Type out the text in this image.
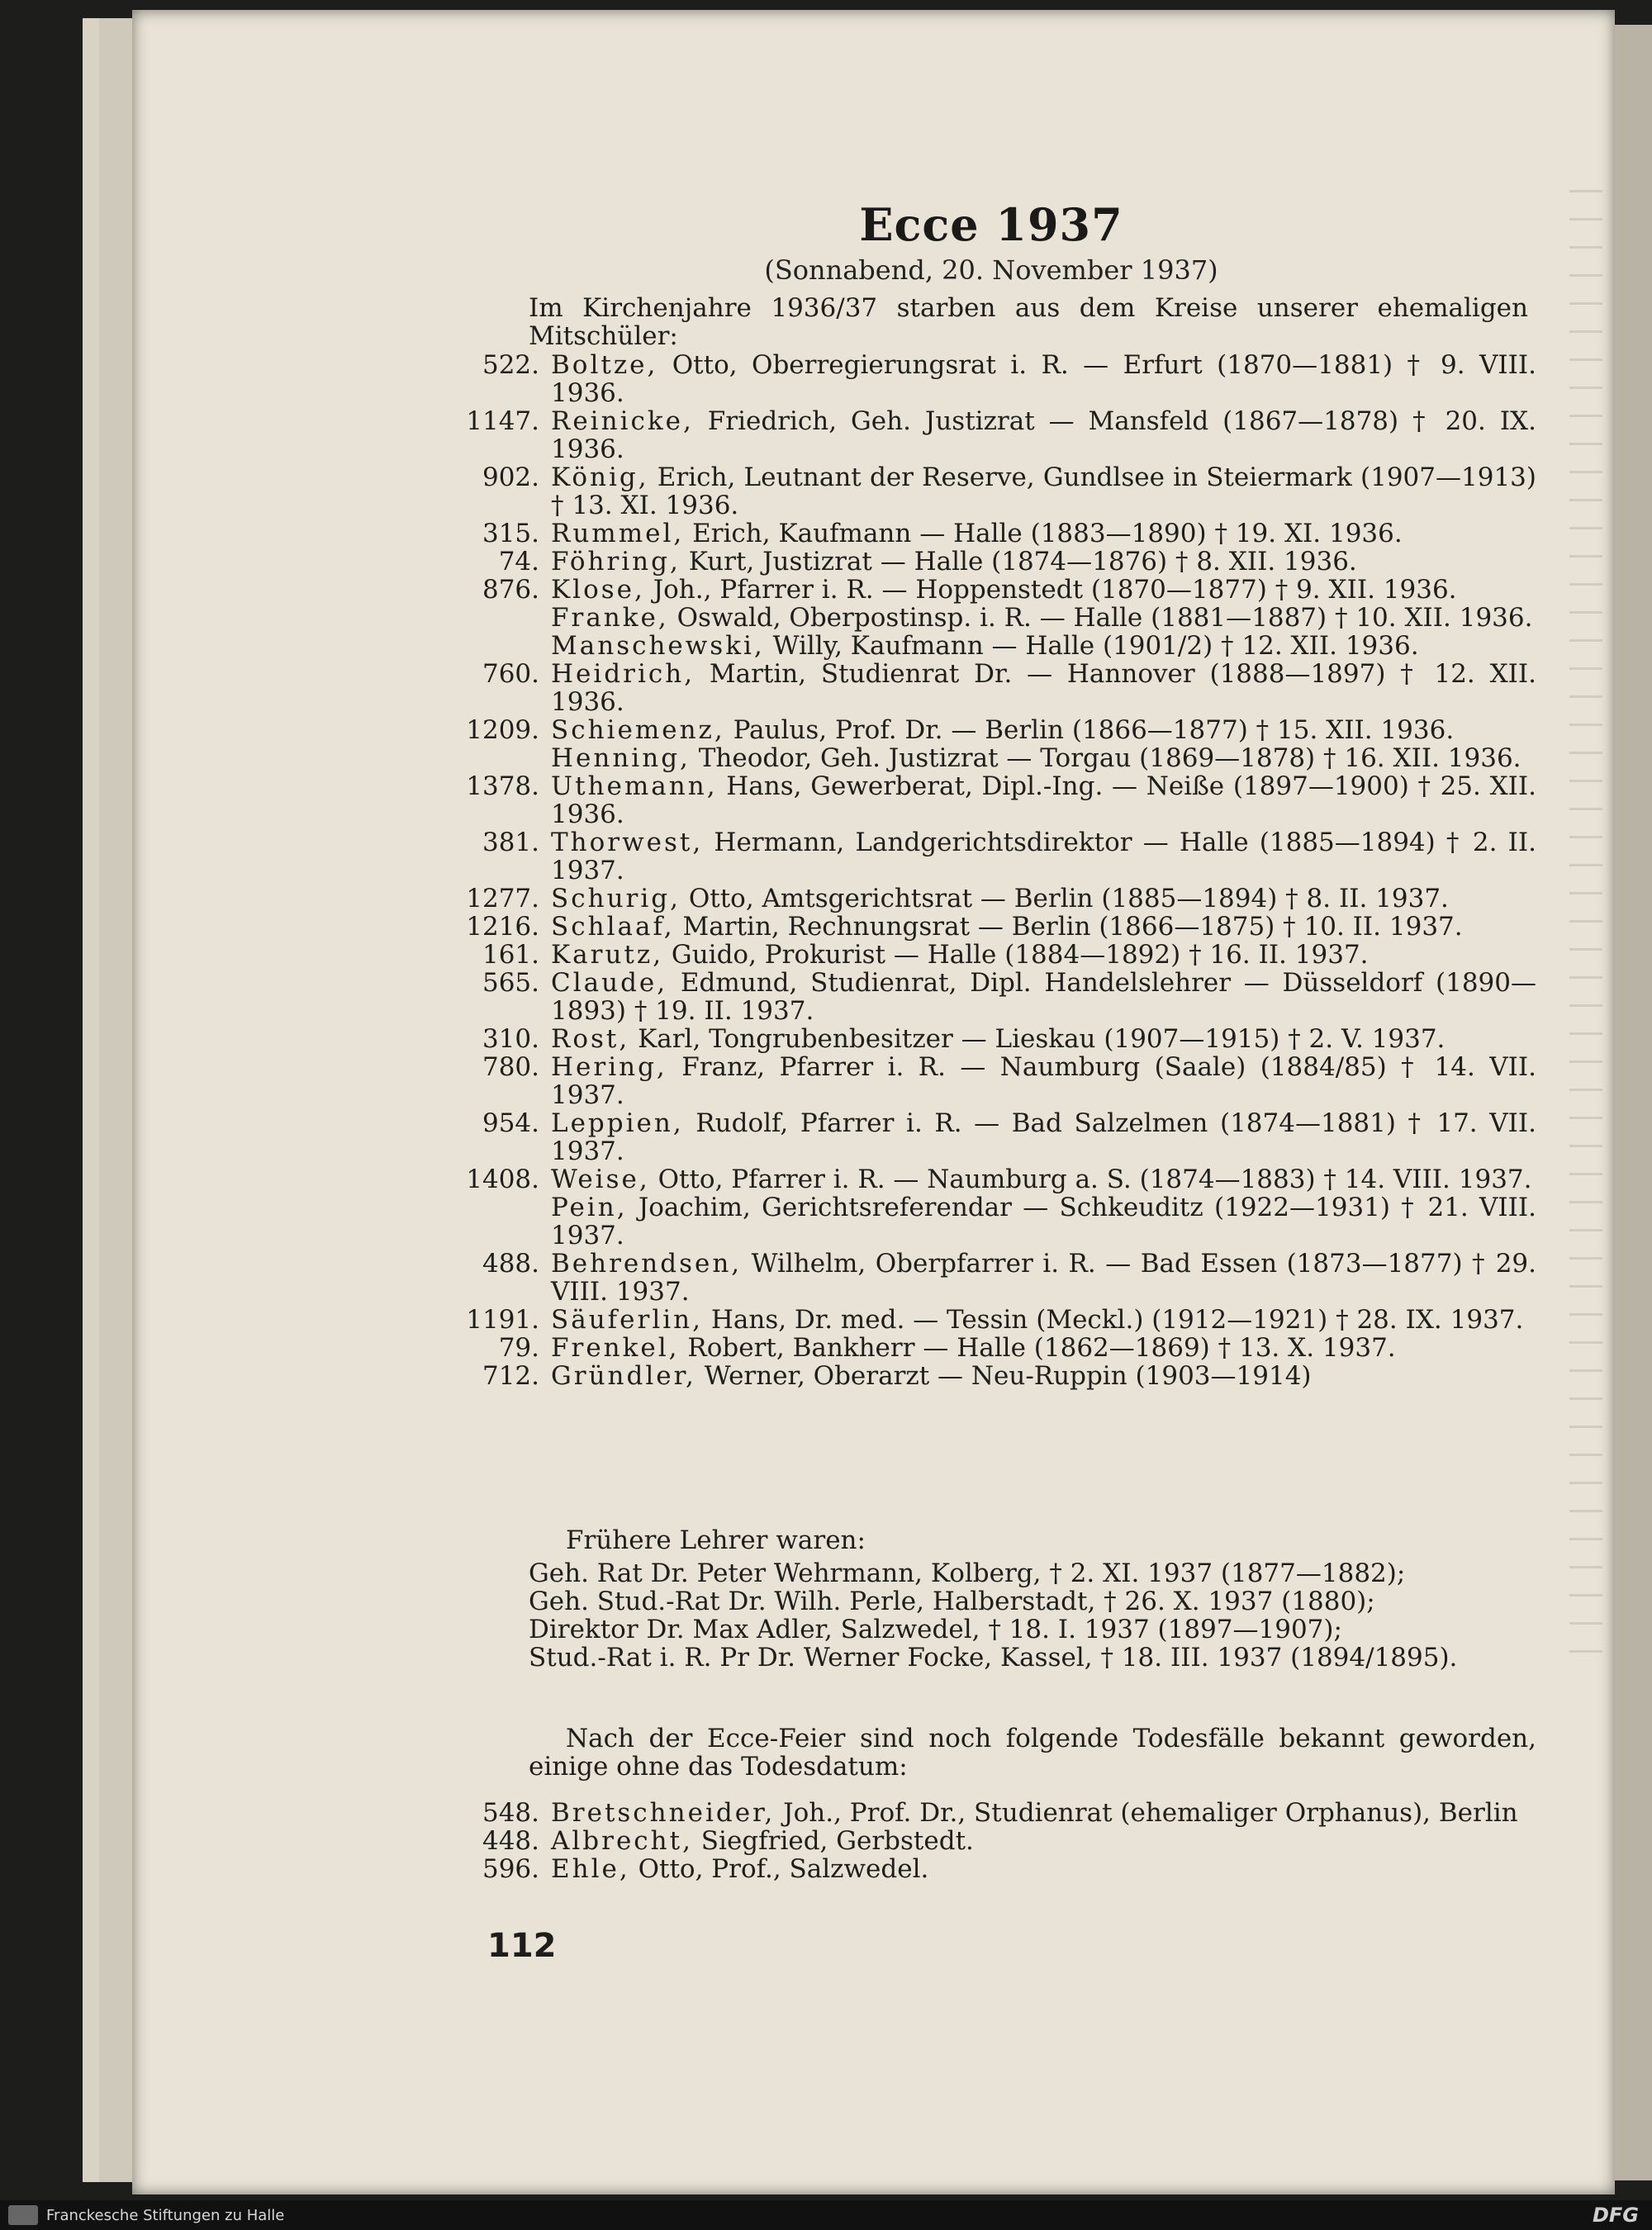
Ecce 1937
(Sonnabend, 20. November 1937)
Im Kirchenjahre 1936/37 starben aus dem Kreise unserer ehemaligen Mitschüler:
522. Boltze, Otto, Oberregierungsrat i. R. — Erfurt (1870—1881) † 9. VIII. 1936.
1147. Reinicke, Friedrich, Geh. Justizrat — Mansfeld (1867—1878) † 20. IX. 1936.
902. König, Erich, Leutnant der Reserve, Gundlsee in Steiermark (1907—1913) † 13. XI. 1936.
315. Rummel, Erich, Kaufmann — Halle (1883—1890) † 19. XI. 1936.
74. Föhring, Kurt, Justizrat — Halle (1874—1876) † 8. XII. 1936.
876. Klose, Joh., Pfarrer i. R. — Hoppenstedt (1870—1877) † 9. XII. 1936.
Franke, Oswald, Oberpostinsp. i. R. — Halle (1881—1887) † 10. XII. 1936.
Manschewski, Willy, Kaufmann — Halle (1901/2) † 12. XII. 1936.
760. Heidrich, Martin, Studienrat Dr. — Hannover (1888—1897) † 12. XII. 1936.
1209. Schiemenz, Paulus, Prof. Dr. — Berlin (1866—1877) † 15. XII. 1936.
Henning, Theodor, Geh. Justizrat — Torgau (1869—1878) † 16. XII. 1936.
1378. Uthemann, Hans, Gewerberat, Dipl.-Ing. — Neiße (1897—1900) † 25. XII. 1936.
381. Thorwest, Hermann, Landgerichtsdirektor — Halle (1885—1894) † 2. II. 1937.
1277. Schurig, Otto, Amtsgerichtsrat — Berlin (1885—1894) † 8. II. 1937.
1216. Schlaaf, Martin, Rechnungsrat — Berlin (1866—1875) † 10. II. 1937.
161. Karutz, Guido, Prokurist — Halle (1884—1892) † 16. II. 1937.
565. Claude, Edmund, Studienrat, Dipl. Handelslehrer — Düsseldorf (1890—1893) † 19. II. 1937.
310. Rost, Karl, Tongrubenbesitzer — Lieskau (1907—1915) † 2. V. 1937.
780. Hering, Franz, Pfarrer i. R. — Naumburg (Saale) (1884/85) † 14. VII. 1937.
954. Leppien, Rudolf, Pfarrer i. R. — Bad Salzelmen (1874—1881) † 17. VII. 1937.
1408. Weise, Otto, Pfarrer i. R. — Naumburg a. S. (1874—1883) † 14. VIII. 1937.
Pein, Joachim, Gerichtsreferendar — Schkeuditz (1922—1931) † 21. VIII. 1937.
488. Behrendsen, Wilhelm, Oberpfarrer i. R. — Bad Essen (1873—1877) † 29. VIII. 1937.
1191. Säuferlin, Hans, Dr. med. — Tessin (Meckl.) (1912—1921) † 28. IX. 1937.
79. Frenkel, Robert, Bankherr — Halle (1862—1869) † 13. X. 1937.
712. Gründler, Werner, Oberarzt — Neu-Ruppin (1903—1914)
Frühere Lehrer waren:
Geh. Rat Dr. Peter Wehrmann, Kolberg, † 2. XI. 1937 (1877—1882);
Geh. Stud.-Rat Dr. Wilh. Perle, Halberstadt, † 26. X. 1937 (1880);
Direktor Dr. Max Adler, Salzwedel, † 18. I. 1937 (1897—1907);
Stud.-Rat i. R. Pr Dr. Werner Focke, Kassel, † 18. III. 1937 (1894/1895).
Nach der Ecce-Feier sind noch folgende Todesfälle bekannt geworden, einige ohne das Todesdatum:
548. Bretschneider, Joh., Prof. Dr., Studienrat (ehemaliger Orphanus), Berlin
448. Albrecht, Siegfried, Gerbstedt.
596. Ehle, Otto, Prof., Salzwedel.
112
Franckesche Stiftungen zu Halle	DFG
